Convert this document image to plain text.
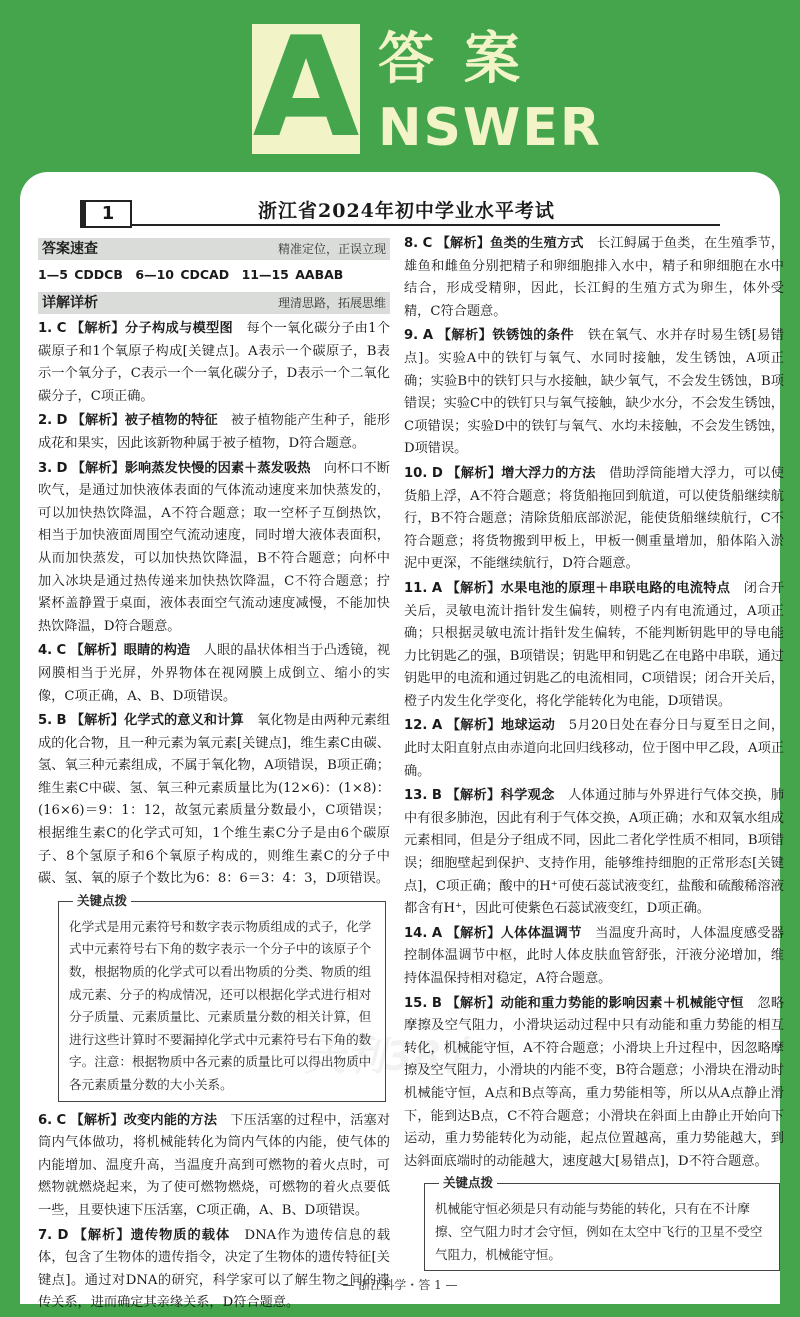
A 答案
NSWER
1	浙江省2024年初中学业水平考试
天利38套
答案速查	精准定位，正误立现
1—5 CDDCB　6—10 CDCAD　11—15 AABAB
详解详析	理清思路，拓展思维
1. C 【解析】分子构成与模型图　 每个一氧化碳分子由1个碳原子和1个氧原子构成[关键点]。A表示一个碳原子，B表示一个氧分子，C表示一个一氧化碳分子，D表示一个二氧化碳分子，C项正确。
2. D 【解析】被子植物的特征　 被子植物能产生种子，能形成花和果实，因此该新物种属于被子植物，D符合题意。
3. D 【解析】影响蒸发快慢的因素＋蒸发吸热　 向杯口不断吹气，是通过加快液体表面的气体流动速度来加快蒸发的，可以加快热饮降温，A不符合题意；取一空杯子互倒热饮，相当于加快液面周围空气流动速度，同时增大液体表面积，从而加快蒸发，可以加快热饮降温，B不符合题意；向杯中加入冰块是通过热传递来加快热饮降温，C不符合题意；拧紧杯盖静置于桌面，液体表面空气流动速度减慢，不能加快热饮降温，D符合题意。
4. C 【解析】眼睛的构造　 人眼的晶状体相当于凸透镜，视网膜相当于光屏，外界物体在视网膜上成倒立、缩小的实像，C项正确，A、B、D项错误。
5. B 【解析】化学式的意义和计算　 氧化物是由两种元素组成的化合物，且一种元素为氧元素[关键点]，维生素C由碳、氢、氧三种元素组成，不属于氧化物，A项错误，B项正确；维生素C中碳、氢、氧三种元素质量比为(12×6)：(1×8)：(16×6)＝9：1：12，故氢元素质量分数最小，C项错误；根据维生素C的化学式可知，1个维生素C分子是由6个碳原子、8个氢原子和6个氧原子构成的，则维生素C的分子中碳、氢、氧的原子个数比为6：8：6＝3：4：3，D项错误。
关键点拨
化学式是用元素符号和数字表示物质组成的式子，化学式中元素符号右下角的数字表示一个分子中的该原子个数，根据物质的化学式可以看出物质的分类、物质的组成元素、分子的构成情况，还可以根据化学式进行相对分子质量、元素质量比、元素质量分数的相关计算，但进行这些计算时不要漏掉化学式中元素符号右下角的数字。注意：根据物质中各元素的质量比可以得出物质中各元素质量分数的大小关系。
6. C 【解析】改变内能的方法　 下压活塞的过程中，活塞对筒内气体做功，将机械能转化为筒内气体的内能，使气体的内能增加、温度升高，当温度升高到可燃物的着火点时，可燃物就燃烧起来，为了使可燃物燃烧，可燃物的着火点要低一些，且要快速下压活塞，C项正确，A、B、D项错误。
7. D 【解析】遗传物质的载体　 DNA作为遗传信息的载体，包含了生物体的遗传指令，决定了生物体的遗传特征[关键点]。通过对DNA的研究，科学家可以了解生物之间的遗传关系，进而确定其亲缘关系，D符合题意。
8. C 【解析】鱼类的生殖方式　 长江鲟属于鱼类，在生殖季节，雄鱼和雌鱼分别把精子和卵细胞排入水中，精子和卵细胞在水中结合，形成受精卵，因此，长江鲟的生殖方式为卵生，体外受精，C符合题意。
9. A 【解析】铁锈蚀的条件　 铁在氧气、水并存时易生锈[易错点]。实验A中的铁钉与氧气、水同时接触，发生锈蚀，A项正确；实验B中的铁钉只与水接触，缺少氧气，不会发生锈蚀，B项错误；实验C中的铁钉只与氧气接触，缺少水分，不会发生锈蚀，C项错误；实验D中的铁钉与氧气、水均未接触，不会发生锈蚀，D项错误。
10. D 【解析】增大浮力的方法　 借助浮筒能增大浮力，可以使货船上浮，A不符合题意；将货船拖回到航道，可以使货船继续航行，B不符合题意；清除货船底部淤泥，能使货船继续航行，C不符合题意；将货物搬到甲板上，甲板一侧重量增加，船体陷入淤泥中更深，不能继续航行，D符合题意。
11. A 【解析】水果电池的原理＋串联电路的电流特点　 闭合开关后，灵敏电流计指针发生偏转，则橙子内有电流通过，A项正确；只根据灵敏电流计指针发生偏转，不能判断钥匙甲的导电能力比钥匙乙的强，B项错误；钥匙甲和钥匙乙在电路中串联，通过钥匙甲的电流和通过钥匙乙的电流相同，C项错误；闭合开关后，橙子内发生化学变化，将化学能转化为电能，D项错误。
12. A 【解析】地球运动　 5月20日处在春分日与夏至日之间，此时太阳直射点由赤道向北回归线移动，位于图中甲乙段，A项正确。
13. B 【解析】科学观念　 人体通过肺与外界进行气体交换，肺中有很多肺泡，因此有利于气体交换，A项正确；水和双氧水组成元素相同，但是分子组成不同，因此二者化学性质不相同，B项错误；细胞壁起到保护、支持作用，能够维持细胞的正常形态[关键点]，C项正确；酸中的H⁺可使石蕊试液变红，盐酸和硫酸稀溶液都含有H⁺，因此可使紫色石蕊试液变红，D项正确。
14. A 【解析】人体体温调节　 当温度升高时，人体温度感受器控制体温调节中枢，此时人体皮肤血管舒张，汗液分泌增加，维持体温保持相对稳定，A符合题意。
15. B 【解析】动能和重力势能的影响因素＋机械能守恒　 忽略摩擦及空气阻力，小滑块运动过程中只有动能和重力势能的相互转化，机械能守恒，A不符合题意；小滑块上升过程中，因忽略摩擦及空气阻力，小滑块的内能不变，B符合题意；小滑块在滑动时机械能守恒，A点和B点等高，重力势能相等，所以从A点静止滑下，能到达B点，C不符合题意；小滑块在斜面上由静止开始向下运动，重力势能转化为动能，起点位置越高，重力势能越大，到达斜面底端时的动能越大，速度越大[易错点]，D不符合题意。
关键点拨
机械能守恒必须是只有动能与势能的转化，只有在不计摩擦、空气阻力时才会守恒，例如在太空中飞行的卫星不受空气阻力，机械能守恒。
— 浙江科学・答 1 —
